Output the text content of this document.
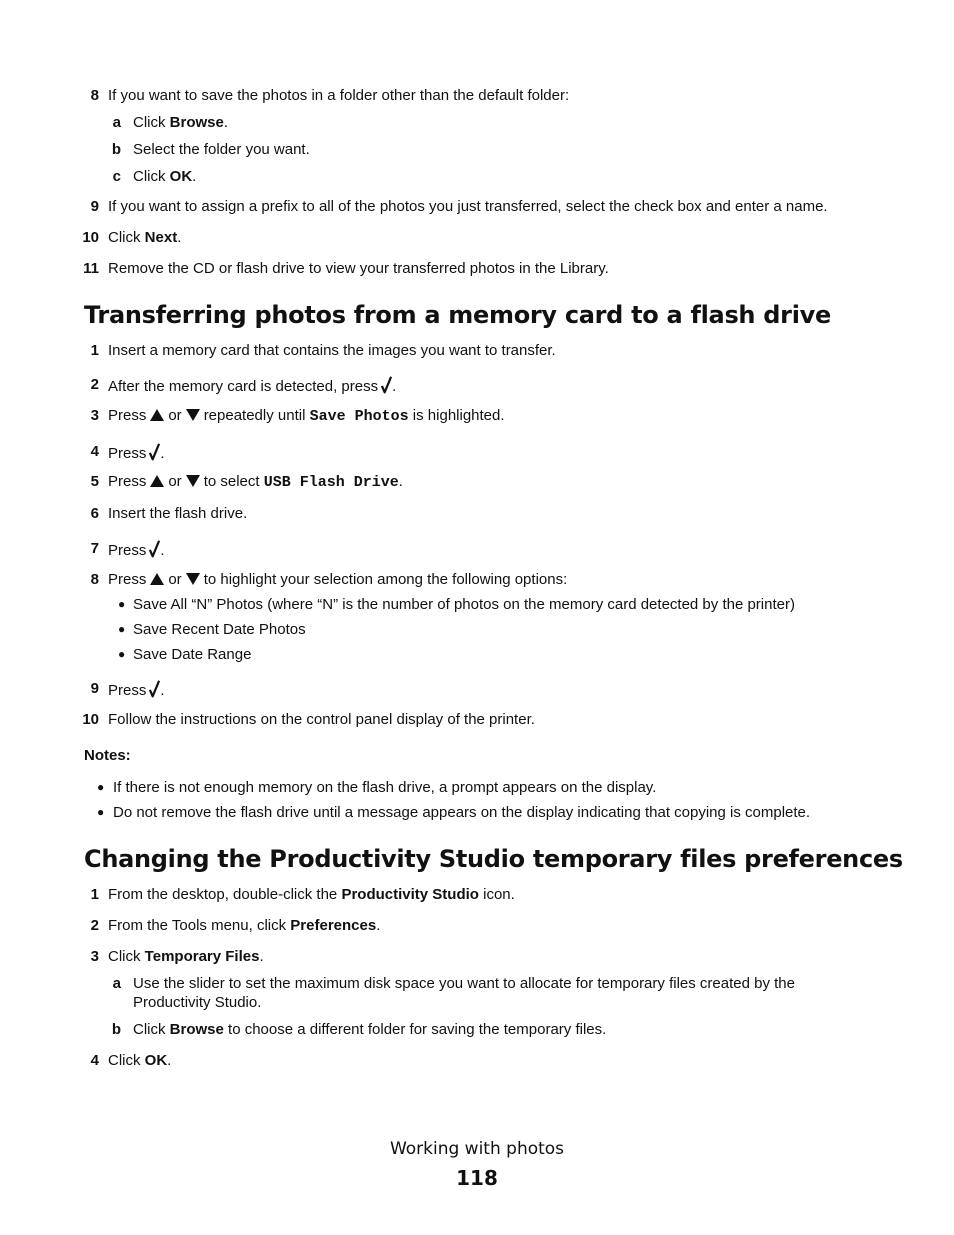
8 If you want to save the photos in a folder other than the default folder:
a Click Browse.
b Select the folder you want.
c Click OK.
9 If you want to assign a prefix to all of the photos you just transferred, select the check box and enter a name.
10 Click Next.
11 Remove the CD or flash drive to view your transferred photos in the Library.
Transferring photos from a memory card to a flash drive
1 Insert a memory card that contains the images you want to transfer.
2 After the memory card is detected, press .
3 Press or repeatedly until Save Photos is highlighted.
4 Press .
5 Press or to select USB Flash Drive.
6 Insert the flash drive.
7 Press .
8 Press or to highlight your selection among the following options:
● Save All “N” Photos (where “N” is the number of photos on the memory card detected by the printer)
● Save Recent Date Photos
● Save Date Range
9 Press .
10 Follow the instructions on the control panel display of the printer.
Notes:
● If there is not enough memory on the flash drive, a prompt appears on the display.
● Do not remove the flash drive until a message appears on the display indicating that copying is complete.
Changing the Productivity Studio temporary files preferences
1 From the desktop, double-click the Productivity Studio icon.
2 From the Tools menu, click Preferences.
3 Click Temporary Files.
a Use the slider to set the maximum disk space you want to allocate for temporary files created by the
Productivity Studio.
b Click Browse to choose a different folder for saving the temporary files.
4 Click OK.
Working with photos
118
